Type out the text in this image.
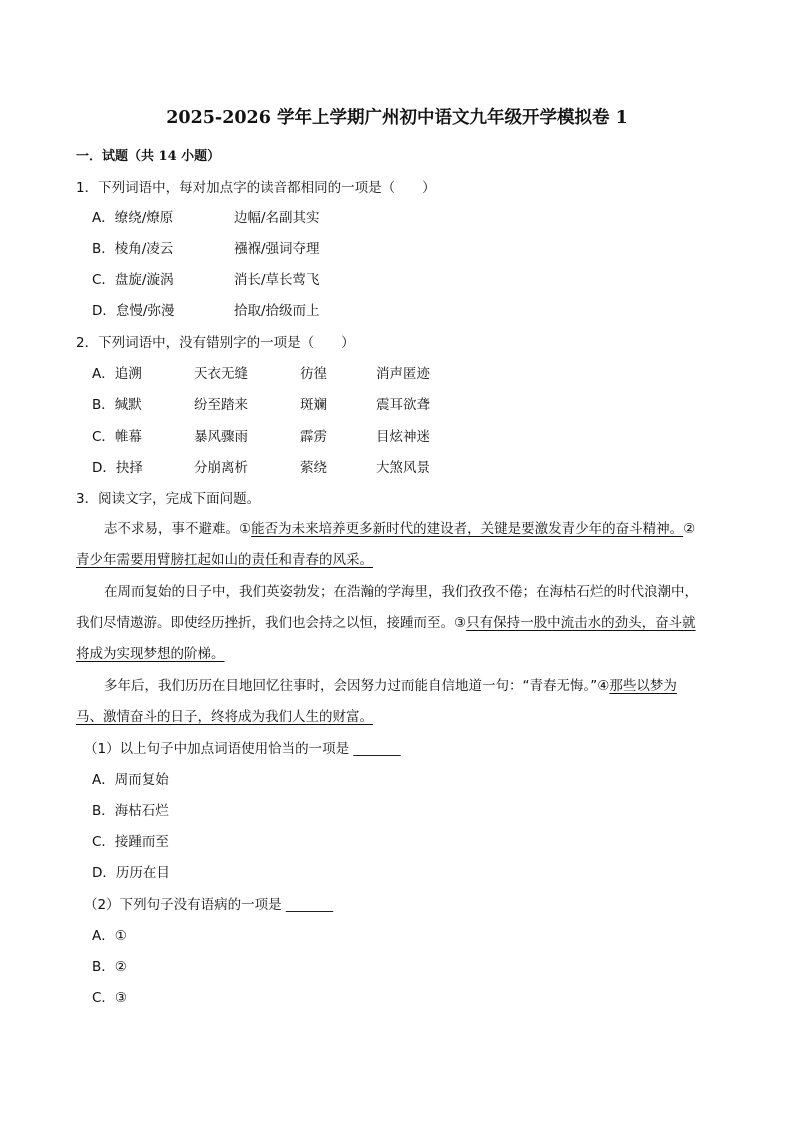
2025-2026 学年上学期广州初中语文九年级开学模拟卷 1
一．试题（共 14 小题）
1．下列词语中，每对加点字的读音都相同的一项是（　　）
A．缭绕/燎原	边幅/名副其实
B．棱角/凌云	襁褓/强词夺理
C．盘旋/漩涡	消长/草长莺飞
D．怠慢/弥漫	拾取/拾级而上
2．下列词语中，没有错别字的一项是（　　）
A．追溯	天衣无缝	彷徨	消声匿迹
B．缄默	纷至踏来	斑斓	震耳欲聋
C．帷幕	暴风骤雨	霹雳	目炫神迷
D．抉择	分崩离析	萦绕	大煞风景
3．阅读文字，完成下面问题。
志不求易，事不避难。①能否为未来培养更多新时代的建设者，关键是要激发青少年的奋斗精神。②
青少年需要用臂膀扛起如山的责任和青春的风采。
在周而复始的日子中，我们英姿勃发；在浩瀚的学海里，我们孜孜不倦；在海枯石烂的时代浪潮中，
我们尽情遨游。即使经历挫折，我们也会持之以恒，接踵而至。③只有保持一股中流击水的劲头，奋斗就
将成为实现梦想的阶梯。
多年后，我们历历在目地回忆往事时，会因努力过而能自信地道一句：“青春无悔。”④那些以梦为
马、激情奋斗的日子，终将成为我们人生的财富。
（1）以上句子中加点词语使用恰当的一项是 _______
A．周而复始
B．海枯石烂
C．接踵而至
D．历历在目
（2）下列句子没有语病的一项是 _______
A．①
B．②
C．③
